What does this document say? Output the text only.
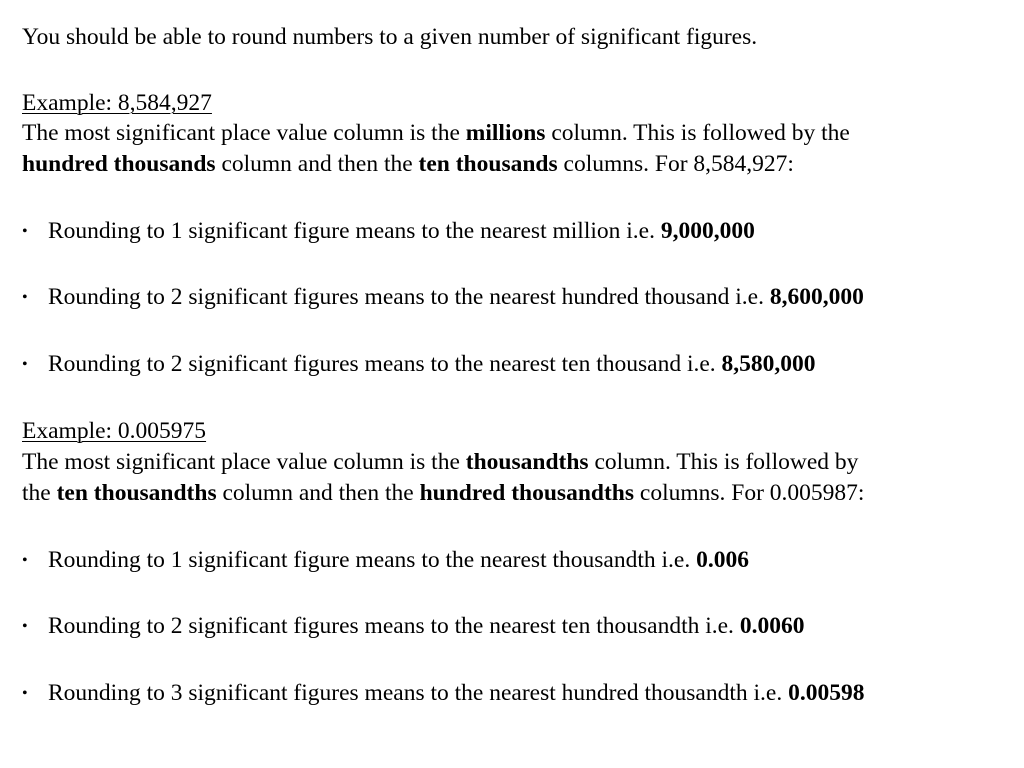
You should be able to round numbers to a given number of significant figures.
Example: 8,584,927
The most significant place value column is the millions column. This is followed by the
hundred thousands column and then the ten thousands columns. For 8,584,927:
• Rounding to 1 significant figure means to the nearest million i.e. 9,000,000
• Rounding to 2 significant figures means to the nearest hundred thousand i.e. 8,600,000
• Rounding to 2 significant figures means to the nearest ten thousand i.e. 8,580,000
Example: 0.005975
The most significant place value column is the thousandths column. This is followed by
the ten thousandths column and then the hundred thousandths columns. For 0.005987:
• Rounding to 1 significant figure means to the nearest thousandth i.e. 0.006
• Rounding to 2 significant figures means to the nearest ten thousandth i.e. 0.0060
• Rounding to 3 significant figures means to the nearest hundred thousandth i.e. 0.00598
